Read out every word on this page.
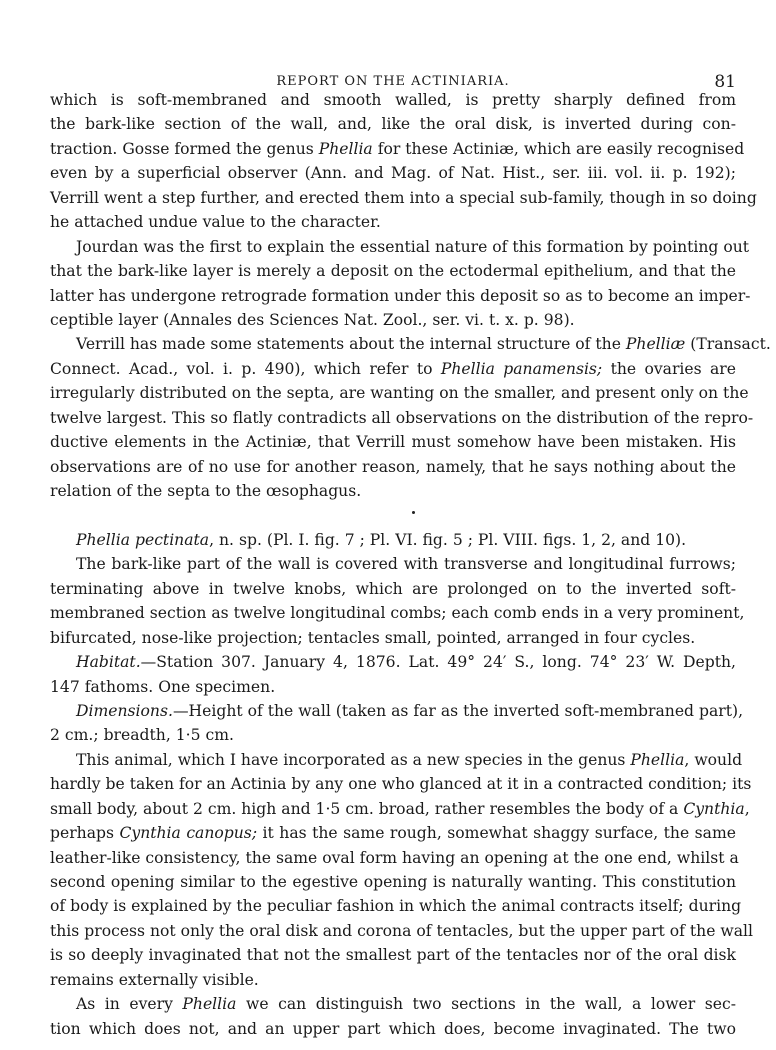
REPORT ON THE ACTINIARIA.	81
which is soft-membraned and smooth walled, is pretty sharply defined from
the bark-like section of the wall, and, like the oral disk, is inverted during con-
traction. Gosse formed the genus Phellia for these Actiniæ, which are easily recognised
even by a superficial observer (Ann. and Mag. of Nat. Hist., ser. iii. vol. ii. p. 192);
Verrill went a step further, and erected them into a special sub-family, though in so doing
he attached undue value to the character.
Jourdan was the first to explain the essential nature of this formation by pointing out
that the bark-like layer is merely a deposit on the ectodermal epithelium, and that the
latter has undergone retrograde formation under this deposit so as to become an imper-
ceptible layer (Annales des Sciences Nat. Zool., ser. vi. t. x. p. 98).
Verrill has made some statements about the internal structure of the Phelliæ (Transact.
Connect. Acad., vol. i. p. 490), which refer to Phellia panamensis; the ovaries are
irregularly distributed on the septa, are wanting on the smaller, and present only on the
twelve largest. This so flatly contradicts all observations on the distribution of the repro-
ductive elements in the Actiniæ, that Verrill must somehow have been mistaken. His
observations are of no use for another reason, namely, that he says nothing about the
relation of the septa to the œsophagus.
Phellia pectinata, n. sp. (Pl. I. fig. 7 ; Pl. VI. fig. 5 ; Pl. VIII. figs. 1, 2, and 10).
The bark-like part of the wall is covered with transverse and longitudinal furrows;
terminating above in twelve knobs, which are prolonged on to the inverted soft-
membraned section as twelve longitudinal combs; each comb ends in a very prominent,
bifurcated, nose-like projection; tentacles small, pointed, arranged in four cycles.
Habitat.—Station 307. January 4, 1876. Lat. 49° 24′ S., long. 74° 23′ W. Depth,
147 fathoms. One specimen.
Dimensions.—Height of the wall (taken as far as the inverted soft-membraned part),
2 cm.; breadth, 1·5 cm.
This animal, which I have incorporated as a new species in the genus Phellia, would
hardly be taken for an Actinia by any one who glanced at it in a contracted condition; its
small body, about 2 cm. high and 1·5 cm. broad, rather resembles the body of a Cynthia,
perhaps Cynthia canopus; it has the same rough, somewhat shaggy surface, the same
leather-like consistency, the same oval form having an opening at the one end, whilst a
second opening similar to the egestive opening is naturally wanting. This constitution
of body is explained by the peculiar fashion in which the animal contracts itself; during
this process not only the oral disk and corona of tentacles, but the upper part of the wall
is so deeply invaginated that not the smallest part of the tentacles nor of the oral disk
remains externally visible.
As in every Phellia we can distinguish two sections in the wall, a lower sec-
tion which does not, and an upper part which does, become invaginated. The two
